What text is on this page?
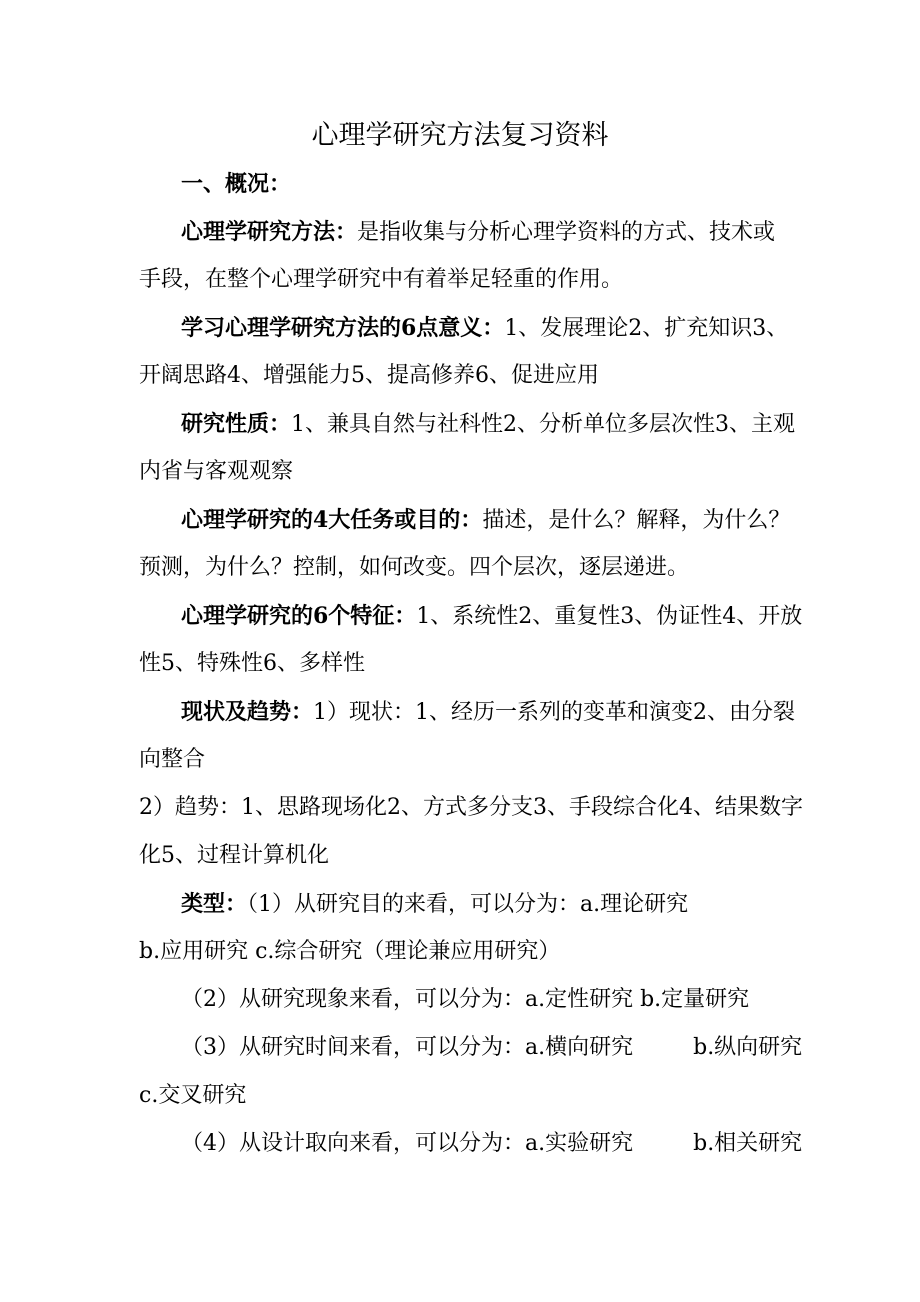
心理学研究方法复习资料

一、概况：

心理学研究方法：是指收集与分析心理学资料的方式、技术或

手段，在整个心理学研究中有着举足轻重的作用。

学习心理学研究方法的6点意义：1、发展理论2、扩充知识3、

开阔思路4、增强能力5、提高修养6、促进应用

研究性质：1、兼具自然与社科性2、分析单位多层次性3、主观

内省与客观观察

心理学研究的4大任务或目的：描述，是什么？解释，为什么？

预测，为什么？控制，如何改变。四个层次，逐层递进。

心理学研究的6个特征：1、系统性2、重复性3、伪证性4、开放

性5、特殊性6、多样性

现状及趋势：1）现状：1、经历一系列的变革和演变2、由分裂

向整合

2）趋势：1、思路现场化2、方式多分支3、手段综合化4、结果数字

化5、过程计算机化

类型：（1）从研究目的来看，可以分为：a.理论研究

b.应用研究 c.综合研究（理论兼应用研究）

（2）从研究现象来看，可以分为：a.定性研究 b.定量研究

（3）从研究时间来看，可以分为：a.横向研究	b.纵向研究

c.交叉研究

（4）从设计取向来看，可以分为：a.实验研究	b.相关研究
